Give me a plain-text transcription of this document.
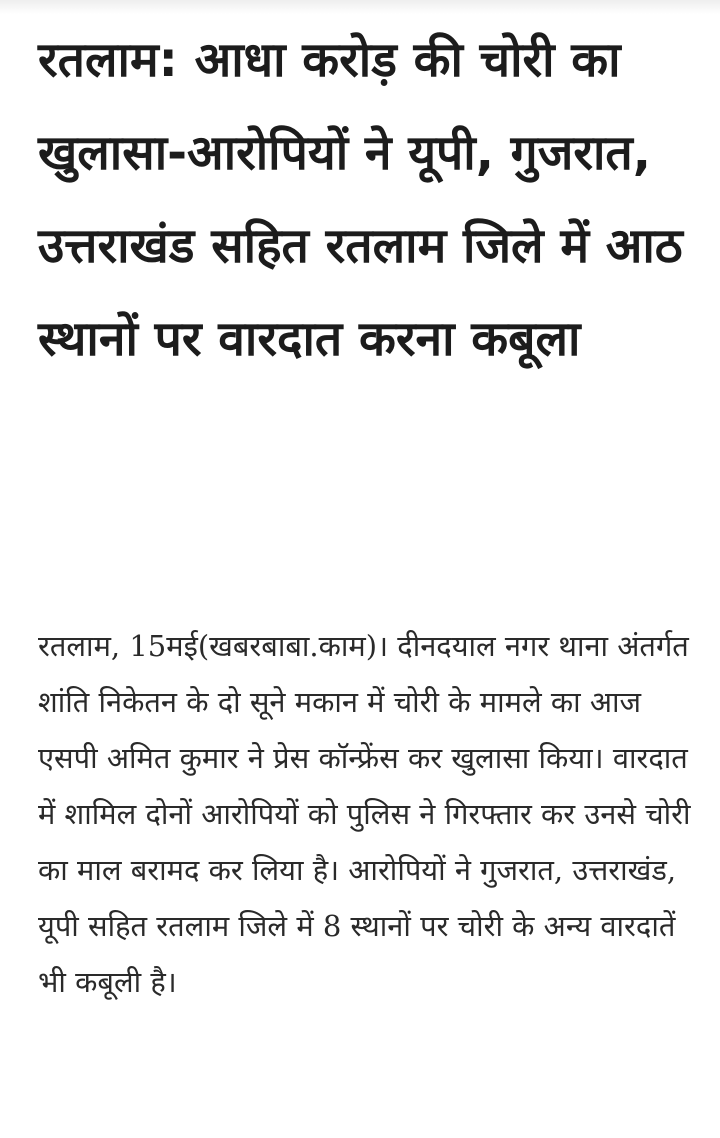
रतलाम: आधा करोड़ की चोरी का खुलासा-आरोपियों ने यूपी, गुजरात, उत्तराखंड सहित रतलाम जिले में आठ स्थानों पर वारदात करना कबूला

रतलाम, 15मई(खबरबाबा.काम)। दीनदयाल नगर थाना अंतर्गत शांति निकेतन के दो सूने मकान में चोरी के मामले का आज एसपी अमित कुमार ने प्रेस कॉन्फ्रेंस कर खुलासा किया। वारदात में शामिल दोनों आरोपियों को पुलिस ने गिरफ्तार कर उनसे चोरी का माल बरामद कर लिया है। आरोपियों ने गुजरात, उत्तराखंड, यूपी सहित रतलाम जिले में 8 स्थानों पर चोरी के अन्य वारदातें भी कबूली है।
